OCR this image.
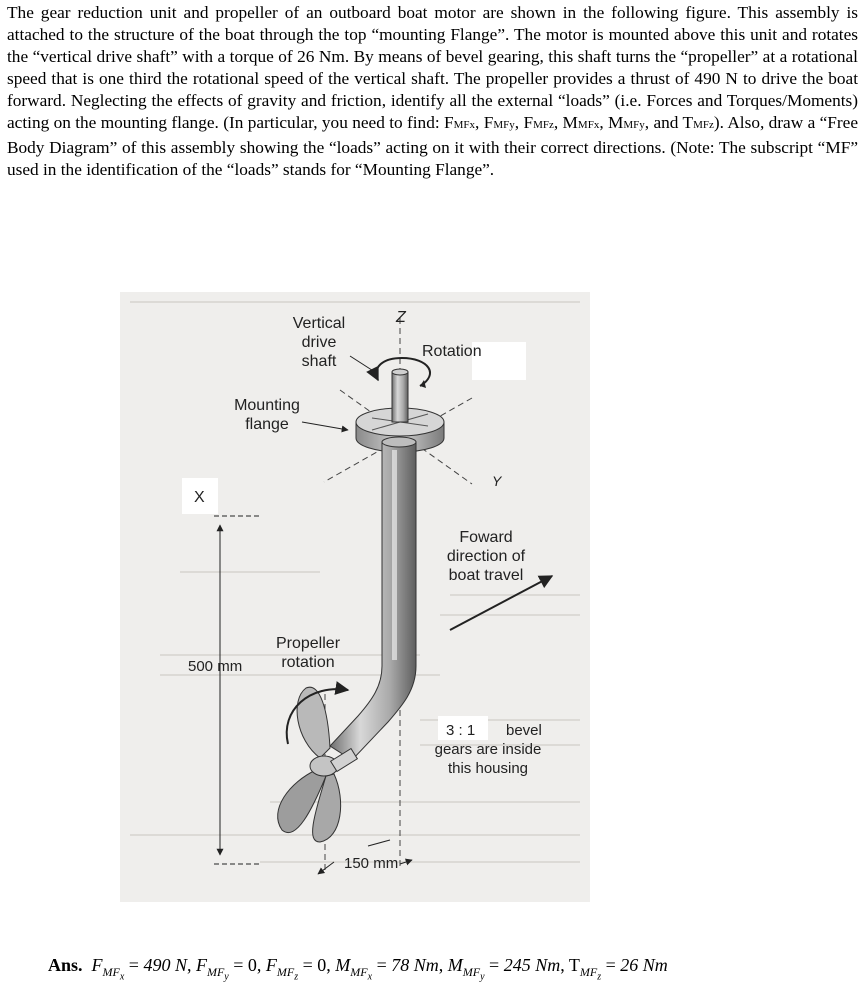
The gear reduction unit and propeller of an outboard boat motor are shown in the following figure. This assembly is attached to the structure of the boat through the top “mounting Flange”. The motor is mounted above this unit and rotates the “vertical drive shaft” with a torque of 26 Nm. By means of bevel gearing, this shaft turns the “propeller” at a rotational speed that is one third the rotational speed of the vertical shaft. The propeller provides a thrust of 490 N to drive the boat forward. Neglecting the effects of gravity and friction, identify all the external “loads” (i.e. Forces and Torques/Moments) acting on the mounting flange. (In particular, you need to find: FMFx, FMFy, FMFz, MMFx, MMFy, and TMFz). Also, draw a “Free Body Diagram” of this assembly showing the “loads” acting on it with their correct directions. (Note: The subscript “MF” used in the identification of the “loads” stands for “Mounting Flange”.

Z
Y
X
Vertical
drive
shaft
Rotation
Mounting
flange
Foward
direction of
boat travel
Propeller
rotation
500 mm
3 : 1 bevel
gears are inside
this housing
150 mm
Ans. $F_{MF_x} = 490$ N, $F_{MF_y} = 0$, $F_{MF_z} = 0$, $M_{MF_x} = 78$ Nm, $M_{MF_y} = 245$ Nm, $T_{MF_z} = 26$ Nm
